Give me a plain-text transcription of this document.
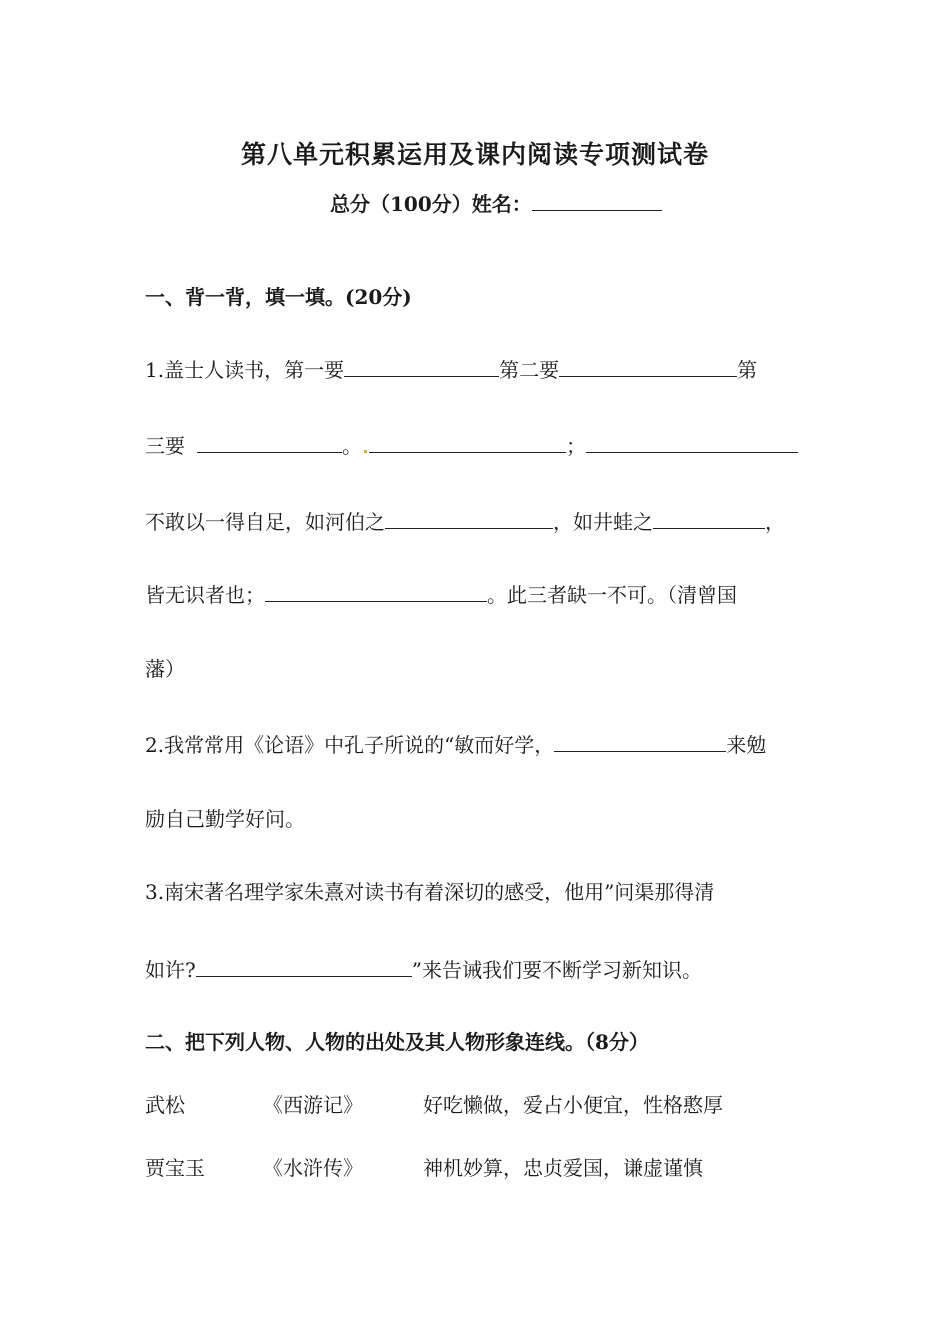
第八单元积累运用及课内阅读专项测试卷
总分（100分）姓名：
一、背一背，填一填。(20分)
1.盖士人读书，第一要	第二要	第
三要	。	；
不敢以一得自足，如河伯之	，如井蛙之	，
皆无识者也；	。此三者缺一不可。（清曾国
藩）
2.我常常用《论语》中孔子所说的“敏而好学，	来勉
励自己勤学好问。
3.南宋著名理学家朱熹对读书有着深切的感受，他用”问渠那得清
如许?	”来告诫我们要不断学习新知识。
二、把下列人物、人物的出处及其人物形象连线。（8分）
武松	《西游记》	好吃懒做，爱占小便宜，性格憨厚
贾宝玉	《水浒传》	神机妙算，忠贞爱国，谦虚谨慎
